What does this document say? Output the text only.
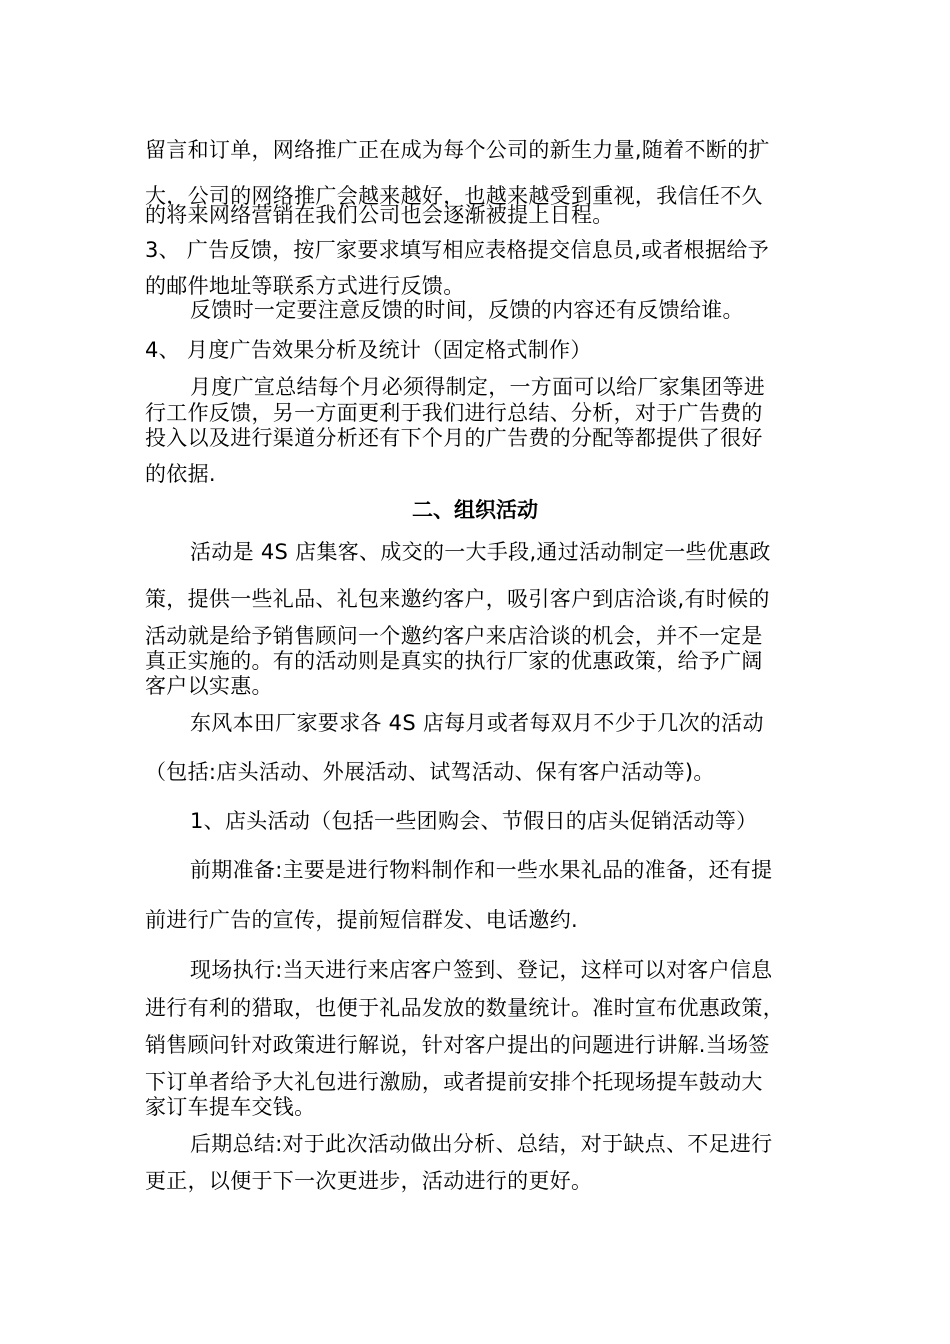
留言和订单，网络推广正在成为每个公司的新生力量,随着不断的扩
大，公司的网络推广会越来越好，也越来越受到重视，我信任不久
的将来网络营销在我们公司也会逐渐被提上日程。
3、 广告反馈，按厂家要求填写相应表格提交信息员,或者根据给予
的邮件地址等联系方式进行反馈。
反馈时一定要注意反馈的时间，反馈的内容还有反馈给谁。
4、 月度广告效果分析及统计（固定格式制作）
月度广宣总结每个月必须得制定，一方面可以给厂家集团等进
行工作反馈，另一方面更利于我们进行总结、分析，对于广告费的
投入以及进行渠道分析还有下个月的广告费的分配等都提供了很好
的依据.
二、组织活动
活动是 4S 店集客、成交的一大手段,通过活动制定一些优惠政
策，提供一些礼品、礼包来邀约客户，吸引客户到店洽谈,有时候的
活动就是给予销售顾问一个邀约客户来店洽谈的机会，并不一定是
真正实施的。有的活动则是真实的执行厂家的优惠政策，给予广阔
客户以实惠。
东风本田厂家要求各 4S 店每月或者每双月不少于几次的活动
（包括:店头活动、外展活动、试驾活动、保有客户活动等)。
1、店头活动（包括一些团购会、节假日的店头促销活动等）
前期准备:主要是进行物料制作和一些水果礼品的准备，还有提
前进行广告的宣传，提前短信群发、电话邀约.
现场执行:当天进行来店客户签到、登记，这样可以对客户信息
进行有利的猎取，也便于礼品发放的数量统计。准时宣布优惠政策，
销售顾问针对政策进行解说，针对客户提出的问题进行讲解.当场签
下订单者给予大礼包进行激励，或者提前安排个托现场提车鼓动大
家订车提车交钱。
后期总结:对于此次活动做出分析、总结，对于缺点、不足进行
更正，以便于下一次更进步，活动进行的更好。
